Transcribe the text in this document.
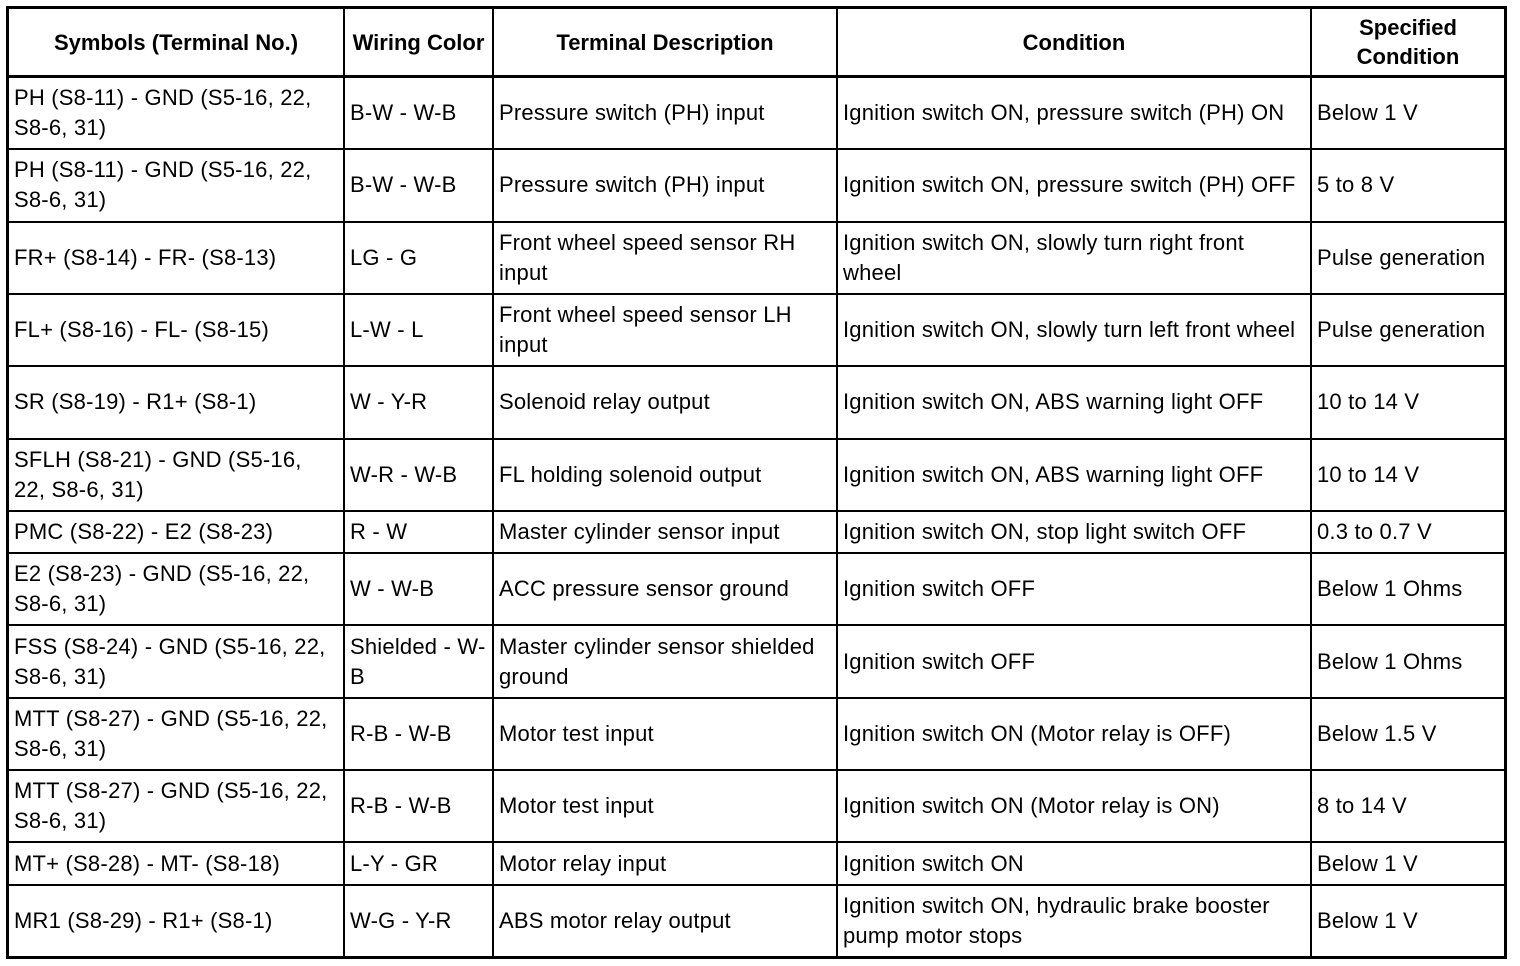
Symbols (Terminal No.)	Wiring Color	Terminal Description	Condition	Specified Condition
PH (S8-11) - GND (S5-16, 22, S8-6, 31)	B-W - W-B	Pressure switch (PH) input	Ignition switch ON, pressure switch (PH) ON	Below 1 V
PH (S8-11) - GND (S5-16, 22, S8-6, 31)	B-W - W-B	Pressure switch (PH) input	Ignition switch ON, pressure switch (PH) OFF	5 to 8 V
FR+ (S8-14) - FR- (S8-13)	LG - G	Front wheel speed sensor RH input	Ignition switch ON, slowly turn right front wheel	Pulse generation
FL+ (S8-16) - FL- (S8-15)	L-W - L	Front wheel speed sensor LH input	Ignition switch ON, slowly turn left front wheel	Pulse generation
SR (S8-19) - R1+ (S8-1)	W - Y-R	Solenoid relay output	Ignition switch ON, ABS warning light OFF	10 to 14 V
SFLH (S8-21) - GND (S5-16, 22, S8-6, 31)	W-R - W-B	FL holding solenoid output	Ignition switch ON, ABS warning light OFF	10 to 14 V
PMC (S8-22) - E2 (S8-23)	R - W	Master cylinder sensor input	Ignition switch ON, stop light switch OFF	0.3 to 0.7 V
E2 (S8-23) - GND (S5-16, 22, S8-6, 31)	W - W-B	ACC pressure sensor ground	Ignition switch OFF	Below 1 Ohms
FSS (S8-24) - GND (S5-16, 22, S8-6, 31)	Shielded - W-B	Master cylinder sensor shielded ground	Ignition switch OFF	Below 1 Ohms
MTT (S8-27) - GND (S5-16, 22, S8-6, 31)	R-B - W-B	Motor test input	Ignition switch ON (Motor relay is OFF)	Below 1.5 V
MTT (S8-27) - GND (S5-16, 22, S8-6, 31)	R-B - W-B	Motor test input	Ignition switch ON (Motor relay is ON)	8 to 14 V
MT+ (S8-28) - MT- (S8-18)	L-Y - GR	Motor relay input	Ignition switch ON	Below 1 V
MR1 (S8-29) - R1+ (S8-1)	W-G - Y-R	ABS motor relay output	Ignition switch ON, hydraulic brake booster pump motor stops	Below 1 V
